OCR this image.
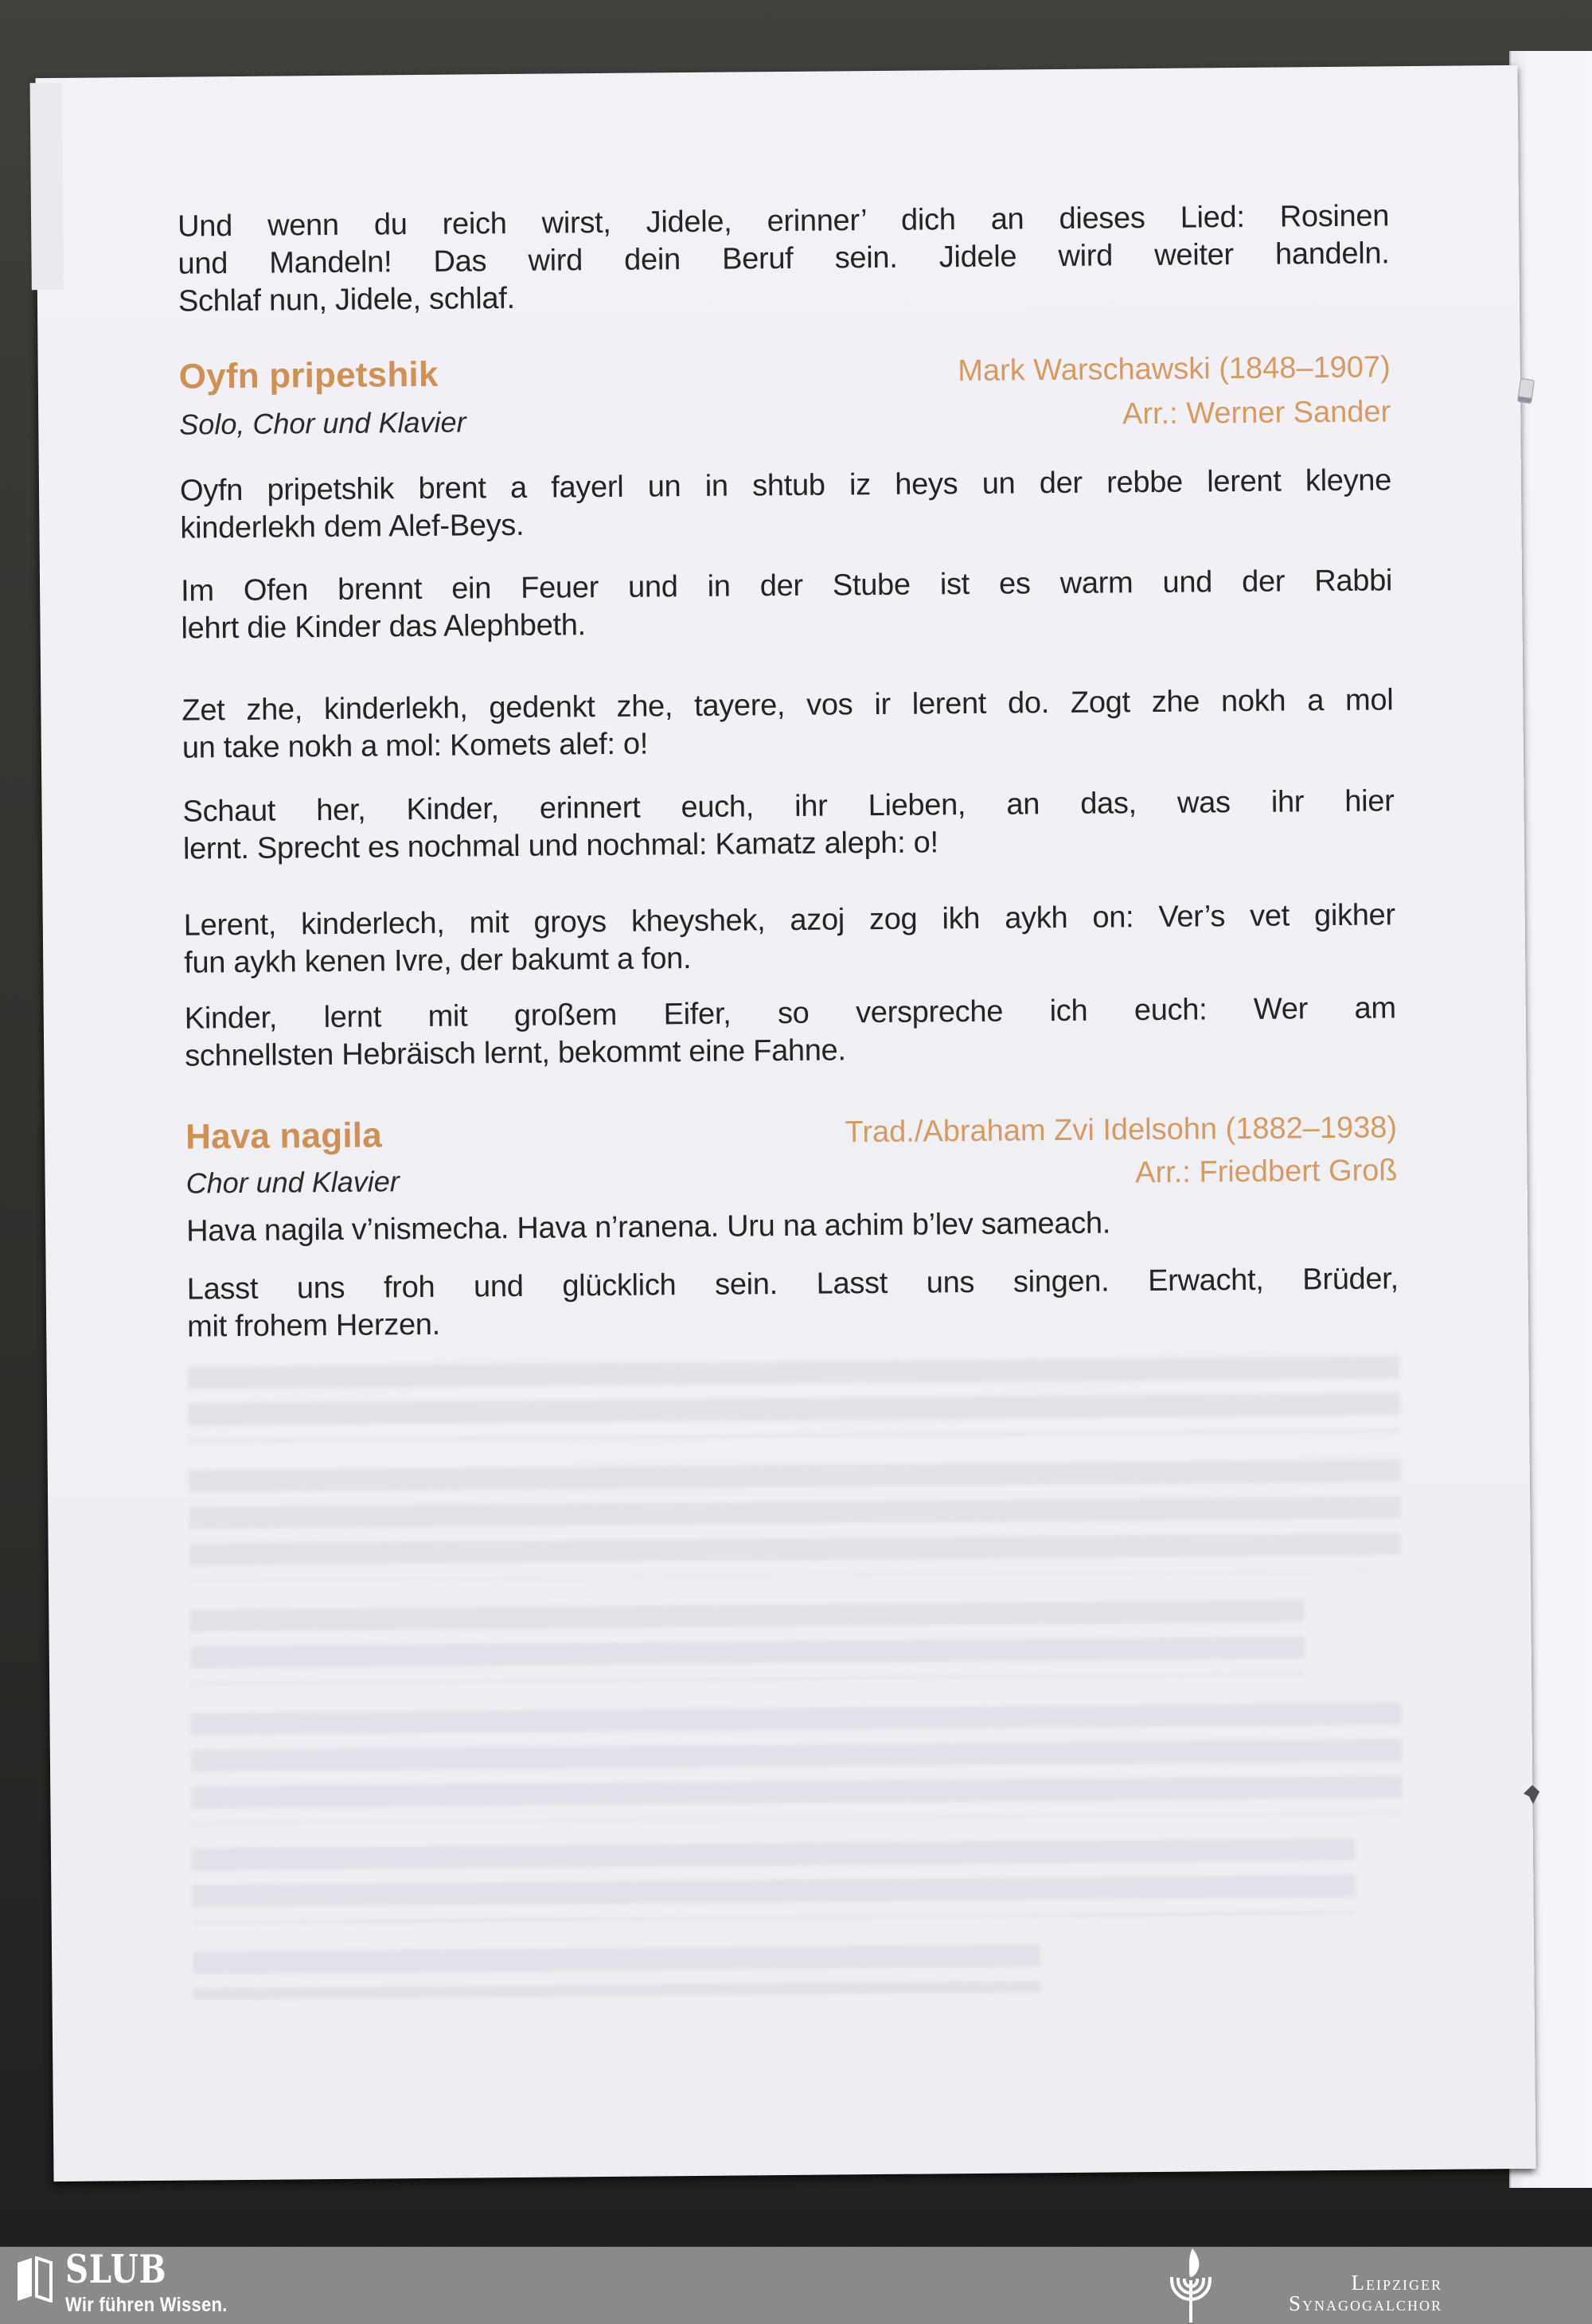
Und wenn du reich wirst, Jidele, erinner’ dich an dieses Lied: Rosinen
und Mandeln! Das wird dein Beruf sein. Jidele wird weiter handeln.
Schlaf nun, Jidele, schlaf.
Oyfn pripetshik	Mark Warschawski (1848–1907)
Solo, Chor und Klavier	Arr.: Werner Sander
Oyfn pripetshik brent a fayerl un in shtub iz heys un der rebbe lerent kleyne
kinderlekh dem Alef-Beys.
Im Ofen brennt ein Feuer und in der Stube ist es warm und der Rabbi
lehrt die Kinder das Alephbeth.
Zet zhe, kinderlekh, gedenkt zhe, tayere, vos ir lerent do. Zogt zhe nokh a mol
un take nokh a mol: Komets alef: o!
Schaut her, Kinder, erinnert euch, ihr Lieben, an das, was ihr hier
lernt. Sprecht es nochmal und nochmal: Kamatz aleph: o!
Lerent, kinderlech, mit groys kheyshek, azoj zog ikh aykh on: Ver’s vet gikher
fun aykh kenen Ivre, der bakumt a fon.
Kinder, lernt mit großem Eifer, so verspreche ich euch: Wer am
schnellsten Hebräisch lernt, bekommt eine Fahne.
Hava nagila	Trad./Abraham Zvi Idelsohn (1882–1938)
Chor und Klavier	Arr.: Friedbert Groß
Hava nagila v’nismecha. Hava n’ranena. Uru na achim b’lev sameach.
Lasst uns froh und glücklich sein. Lasst uns singen. Erwacht, Brüder,
mit frohem Herzen.
SLUB
Wir führen Wissen.
LEIPZIGER
SYNAGOGALCHOR
